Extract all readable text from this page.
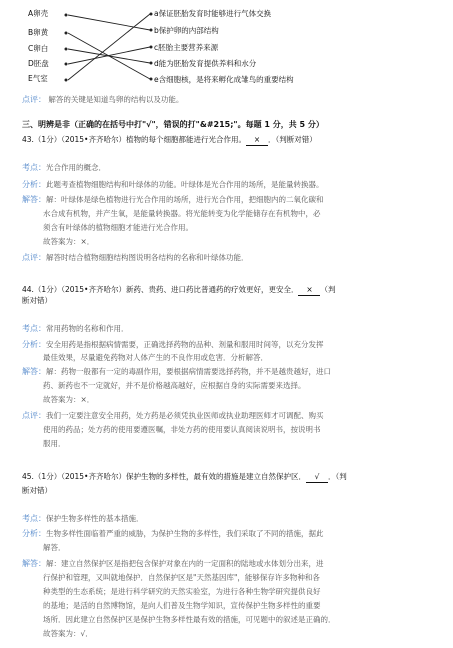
A卵壳
B卵黄
C卵白
D胚盘
E气室
a保证胚胎发育时能够进行气体交换
b保护卵的内部结构
c胚胎主要营养来源
d能为胚胎发育提供养料和水分
e含细胞核，是将来孵化成雏鸟的重要结构
点评： 解答的关键是知道鸟卵的结构以及功能。
三、明辨是非（正确的在括号中打"√"，错误的打"&#215;"。每题 1 分，共 5 分）
43.（1分）（2015•齐齐哈尔）植物的每个细胞都能进行光合作用。 × ．（判断对错）
考点：光合作用的概念．
分析：此题考查植物细胞结构和叶绿体的功能。叶绿体是光合作用的场所，是能量转换器。
解答：解：叶绿体是绿色植物进行光合作用的场所，进行光合作用，把细胞内的二氧化碳和
水合成有机物，并产生氧，是能量转换器。将光能转变为化学能储存在有机物中，必
须含有叶绿体的植物细胞才能进行光合作用。
故答案为：×．
点评：解答时结合植物细胞结构图说明各结构的名称和叶绿体功能．
44.（1分）（2015•齐齐哈尔）新药、贵药、进口药比普通药的疗效更好，更安全． × （判
断对错）
考点：常用药物的名称和作用．
分析：安全用药是指根据病情需要，正确选择药物的品种、剂量和服用时间等，以充分发挥
最佳效果，尽量避免药物对人体产生的不良作用或危害．分析解答．
解答：解：药物一般都有一定的毒副作用，要根据病情需要选择药物，并不是越贵越好，进口
药、新药也不一定就好，并不是价格越高越好，应根据自身的实际需要来选择。
故答案为：×．
点评：我们一定要注意安全用药，处方药是必须凭执业医师或执业助理医师才可调配、购买
使用的药品；处方药的使用要遵医嘱，非处方药的使用要认真阅读说明书，按说明书
服用．
45.（1分）（2015•齐齐哈尔）保护生物的多样性，最有效的措施是建立自然保护区． √ ．（判
断对错）
考点：保护生物多样性的基本措施．
分析：生物多样性面临着严重的威胁，为保护生物的多样性，我们采取了不同的措施，据此
解答．
解答：解：建立自然保护区是指把包含保护对象在内的一定面积的陆地或水体划分出来，进
行保护和管理，又叫就地保护．自然保护区是"天然基因库"，能够保存许多物种和各
种类型的生态系统；是进行科学研究的天然实验室，为进行各种生物学研究提供良好
的基地；是活的自然博物馆，是向人们普及生物学知识，宣传保护生物多样性的重要
场所．因此建立自然保护区是保护生物多样性最有效的措施，可见题中的叙述是正确的．
故答案为：√．
